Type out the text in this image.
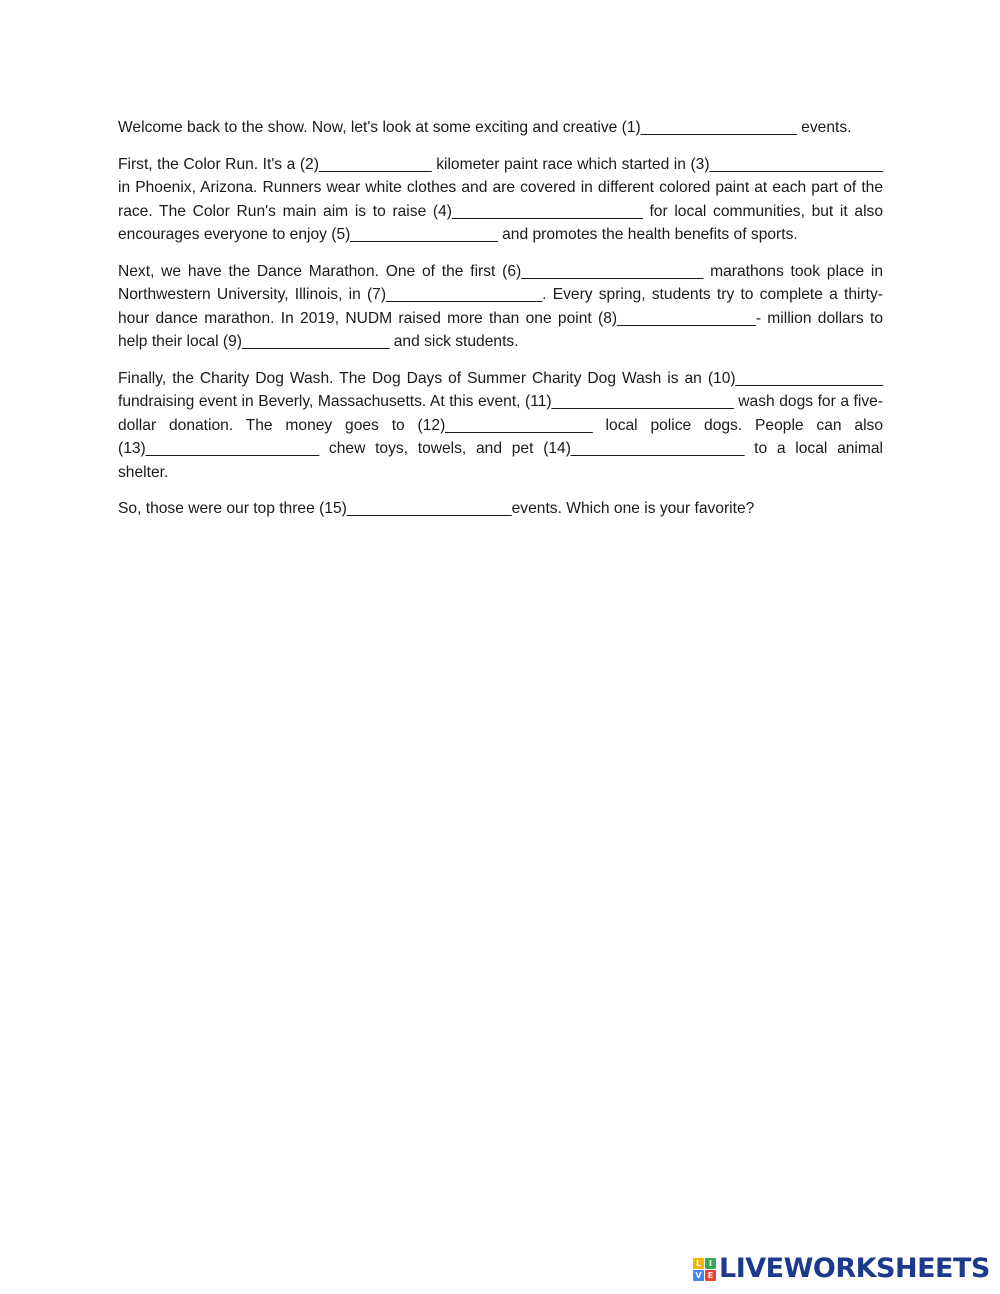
Welcome back to the show. Now, let's look at some exciting and creative (1)__________________ events.

First, the Color Run. It's a (2)_____________ kilometer paint race which started in (3)____________________ in Phoenix, Arizona. Runners wear white clothes and are covered in different colored paint at each part of the race. The Color Run's main aim is to raise (4)______________________ for local communities, but it also encourages everyone to enjoy (5)_________________ and promotes the health benefits of sports.

Next, we have the Dance Marathon. One of the first (6)_____________________ marathons took place in Northwestern University, Illinois, in (7)__________________. Every spring, students try to complete a thirty-hour dance marathon. In 2019, NUDM raised more than one point (8)________________- million dollars to help their local (9)_________________ and sick students.

Finally, the Charity Dog Wash. The Dog Days of Summer Charity Dog Wash is an (10)_________________ fundraising event in Beverly, Massachusetts. At this event, (11)_____________________ wash dogs for a five-dollar donation. The money goes to (12)_________________ local police dogs. People can also (13)____________________ chew toys, towels, and pet (14)____________________ to a local animal shelter.

So, those were our top three (15)___________________events. Which one is your favorite?

L I
V E LIVEWORKSHEETS
